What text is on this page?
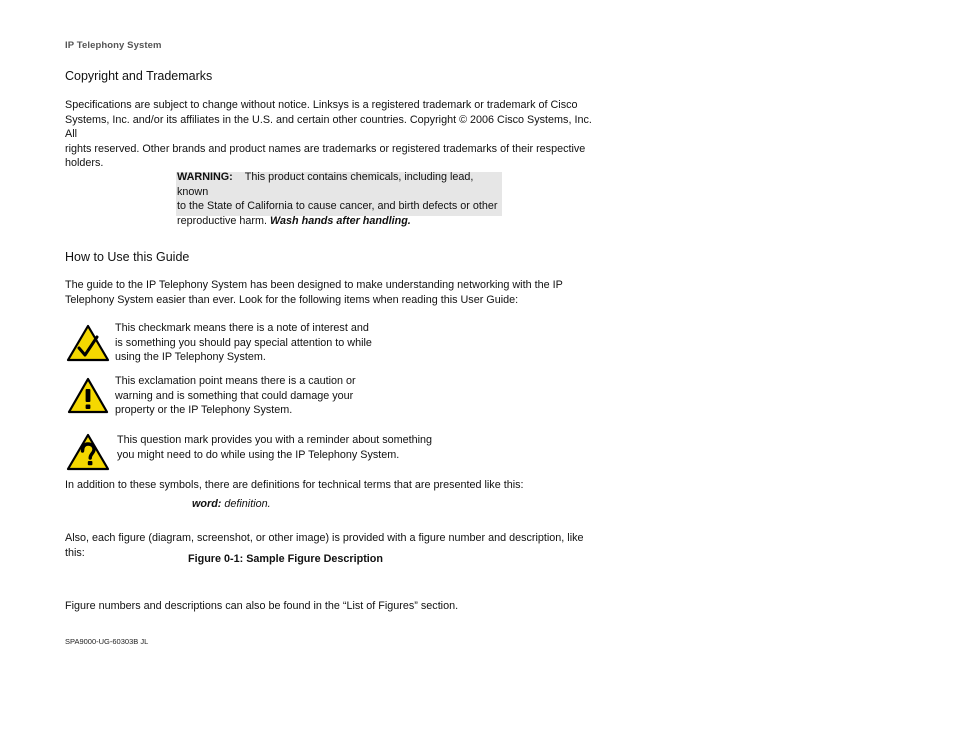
IP Telephony System
Copyright and Trademarks
Specifications are subject to change without notice. Linksys is a registered trademark or trademark of Cisco
Systems, Inc. and/or its affiliates in the U.S. and certain other countries. Copyright © 2006 Cisco Systems, Inc. All
rights reserved. Other brands and product names are trademarks or registered trademarks of their respective
holders.
WARNING: This product contains chemicals, including lead, known
to the State of California to cause cancer, and birth defects or other
reproductive harm. Wash hands after handling.
How to Use this Guide
The guide to the IP Telephony System has been designed to make understanding networking with the IP
Telephony System easier than ever. Look for the following items when reading this User Guide:
This checkmark means there is a note of interest and
is something you should pay special attention to while
using the IP Telephony System.
This exclamation point means there is a caution or
warning and is something that could damage your
property or the IP Telephony System.
This question mark provides you with a reminder about something
you might need to do while using the IP Telephony System.
In addition to these symbols, there are definitions for technical terms that are presented like this:
word: definition.
Also, each figure (diagram, screenshot, or other image) is provided with a figure number and description, like
this:
Figure 0-1: Sample Figure Description
Figure numbers and descriptions can also be found in the “List of Figures” section.
SPA9000-UG-60303B JL
